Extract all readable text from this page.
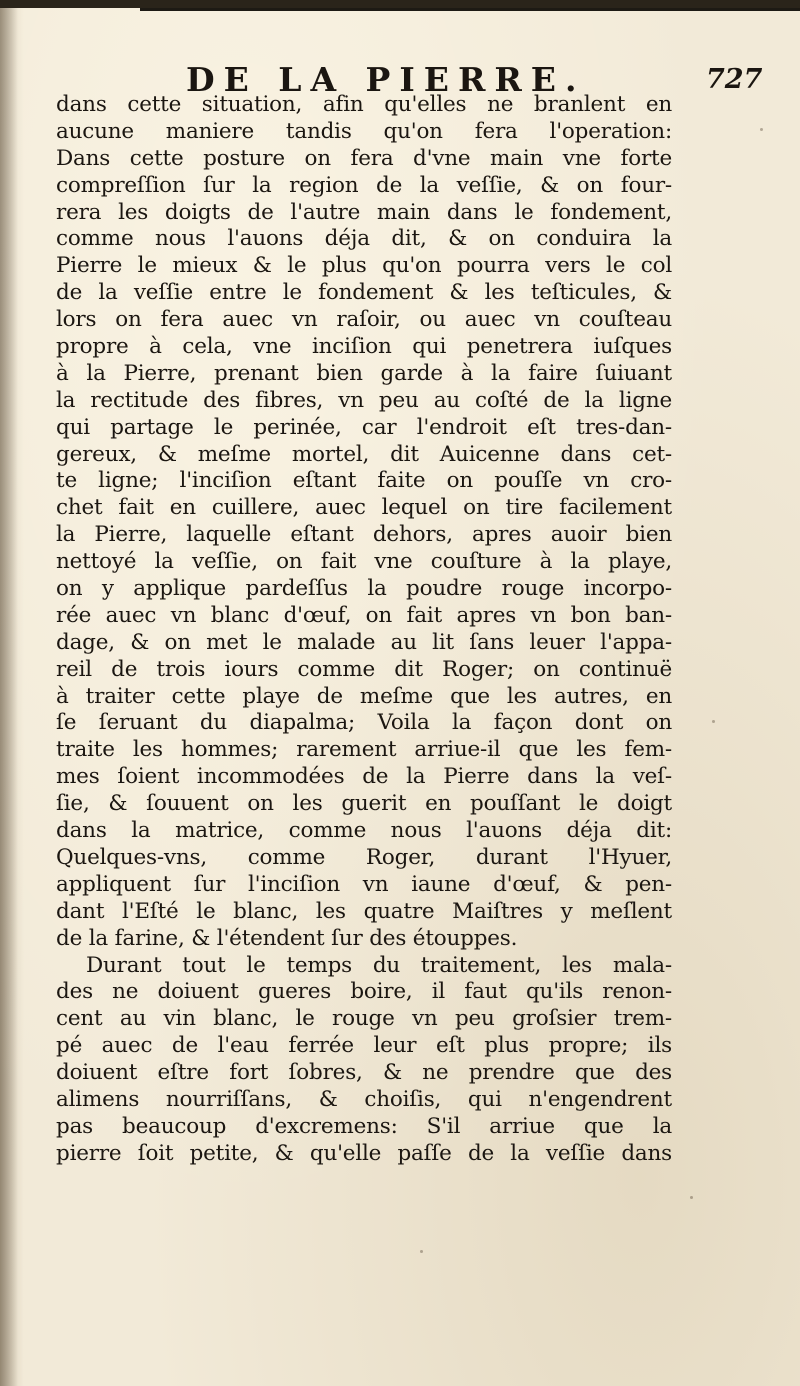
DE LA PIERRE.	727
dans cette situation, afin qu'elles ne branlent en
aucune maniere tandis qu'on fera l'operation:
Dans cette posture on fera d'vne main vne forte
compreſſion ſur la region de la veſſie, & on four-
rera les doigts de l'autre main dans le fondement,
comme nous l'auons déja dit, & on conduira la
Pierre le mieux & le plus qu'on pourra vers le col
de la veſſie entre le fondement & les teſticules, &
lors on fera auec vn raſoir, ou auec vn couſteau
propre à cela, vne inciſion qui penetrera iuſques
à la Pierre, prenant bien garde à la faire ſuiuant
la rectitude des fibres, vn peu au coſté de la ligne
qui partage le perinée, car l'endroit eſt tres-dan-
gereux, & meſme mortel, dit Auicenne dans cet-
te ligne; l'inciſion eſtant faite on pouſſe vn cro-
chet fait en cuillere, auec lequel on tire facilement
la Pierre, laquelle eſtant dehors, apres auoir bien
nettoyé la veſſie, on fait vne couſture à la playe,
on y applique pardeſſus la poudre rouge incorpo-
rée auec vn blanc d'œuf, on fait apres vn bon ban-
dage, & on met le malade au lit ſans leuer l'appa-
reil de trois iours comme dit Roger; on continuë
à traiter cette playe de meſme que les autres, en
ſe ſeruant du diapalma; Voila la façon dont on
traite les hommes; rarement arriue-il que les fem-
mes ſoient incommodées de la Pierre dans la veſ-
ſie, & ſouuent on les guerit en pouſſant le doigt
dans la matrice, comme nous l'auons déja dit:
Quelques-vns, comme Roger, durant l'Hyuer,
appliquent ſur l'inciſion vn iaune d'œuf, & pen-
dant l'Eſté le blanc, les quatre Maiſtres y meſlent
de la farine, & l'étendent ſur des étouppes.
Durant tout le temps du traitement, les mala-
des ne doiuent gueres boire, il faut qu'ils renon-
cent au vin blanc, le rouge vn peu groſsier trem-
pé auec de l'eau ferrée leur eſt plus propre; ils
doiuent eſtre fort ſobres, & ne prendre que des
alimens nourriſſans, & choiſis, qui n'engendrent
pas beaucoup d'excremens: S'il arriue que la
pierre ſoit petite, & qu'elle paſſe de la veſſie dans
